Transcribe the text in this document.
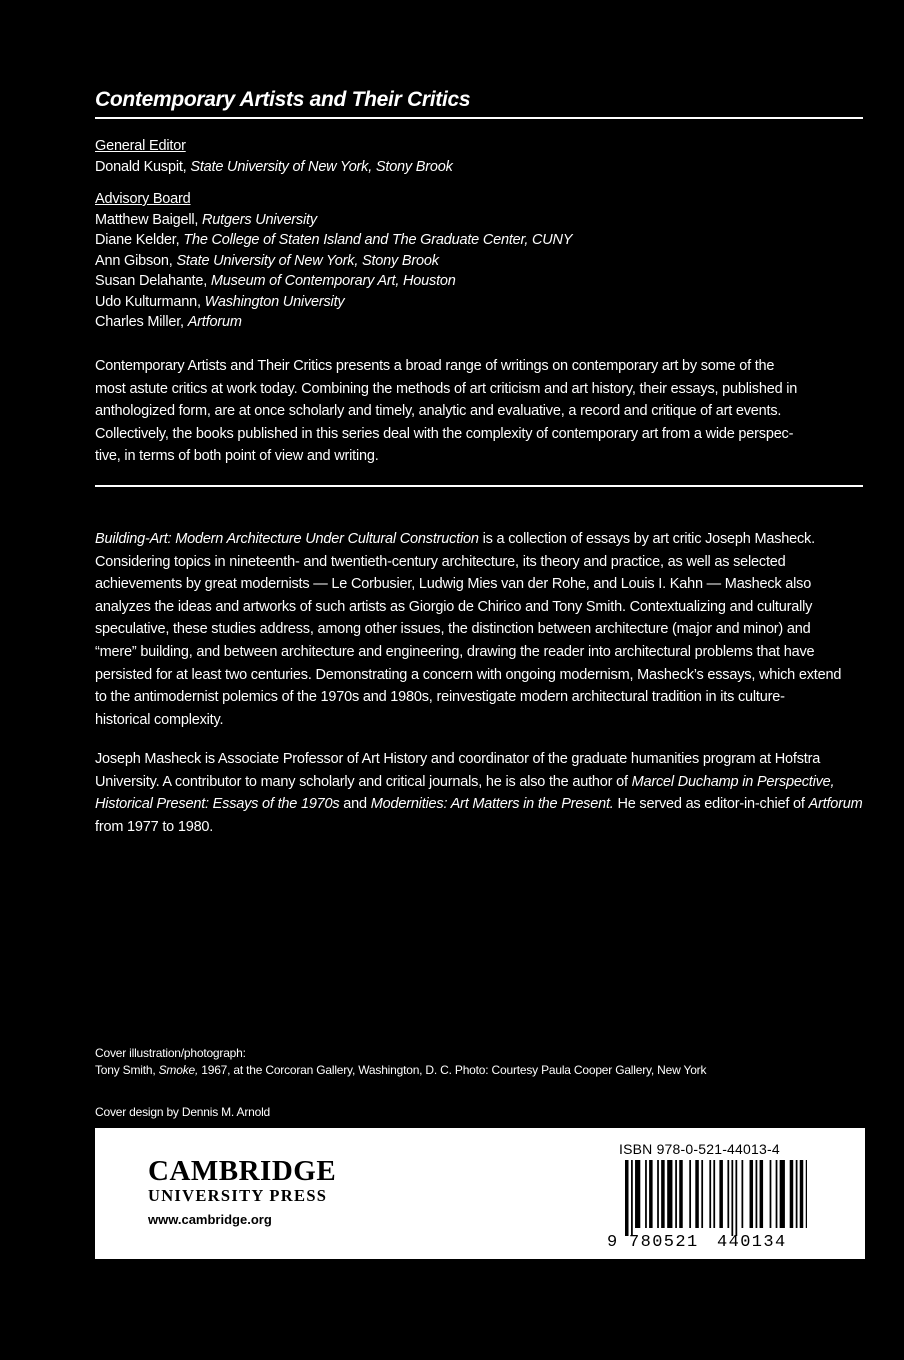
Contemporary Artists and Their Critics
General Editor
Donald Kuspit, State University of New York, Stony Brook
Advisory Board
Matthew Baigell, Rutgers University
Diane Kelder, The College of Staten Island and The Graduate Center, CUNY
Ann Gibson, State University of New York, Stony Brook
Susan Delahante, Museum of Contemporary Art, Houston
Udo Kulturmann, Washington University
Charles Miller, Artforum
Contemporary Artists and Their Critics presents a broad range of writings on contemporary art by some of the
most astute critics at work today. Combining the methods of art criticism and art history, their essays, published in
anthologized form, are at once scholarly and timely, analytic and evaluative, a record and critique of art events.
Collectively, the books published in this series deal with the complexity of contemporary art from a wide perspec-
tive, in terms of both point of view and writing.
Building-Art: Modern Architecture Under Cultural Construction is a collection of essays by art critic Joseph Masheck.
Considering topics in nineteenth- and twentieth-century architecture, its theory and practice, as well as selected
achievements by great modernists — Le Corbusier, Ludwig Mies van der Rohe, and Louis I. Kahn — Masheck also
analyzes the ideas and artworks of such artists as Giorgio de Chirico and Tony Smith. Contextualizing and culturally
speculative, these studies address, among other issues, the distinction between architecture (major and minor) and
“mere” building, and between architecture and engineering, drawing the reader into architectural problems that have
persisted for at least two centuries. Demonstrating a concern with ongoing modernism, Masheck’s essays, which extend
to the antimodernist polemics of the 1970s and 1980s, reinvestigate modern architectural tradition in its culture-
historical complexity.
Joseph Masheck is Associate Professor of Art History and coordinator of the graduate humanities program at Hofstra
University. A contributor to many scholarly and critical journals, he is also the author of Marcel Duchamp in Perspective,
Historical Present: Essays of the 1970s and Modernities: Art Matters in the Present. He served as editor-in-chief of Artforum
from 1977 to 1980.
Cover illustration/photograph:
Tony Smith, Smoke, 1967, at the Corcoran Gallery, Washington, D. C. Photo: Courtesy Paula Cooper Gallery, New York
Cover design by Dennis M. Arnold
CAMBRIDGE
UNIVERSITY PRESS
www.cambridge.org
ISBN 978-0-521-44013-4
9 780521 440134
